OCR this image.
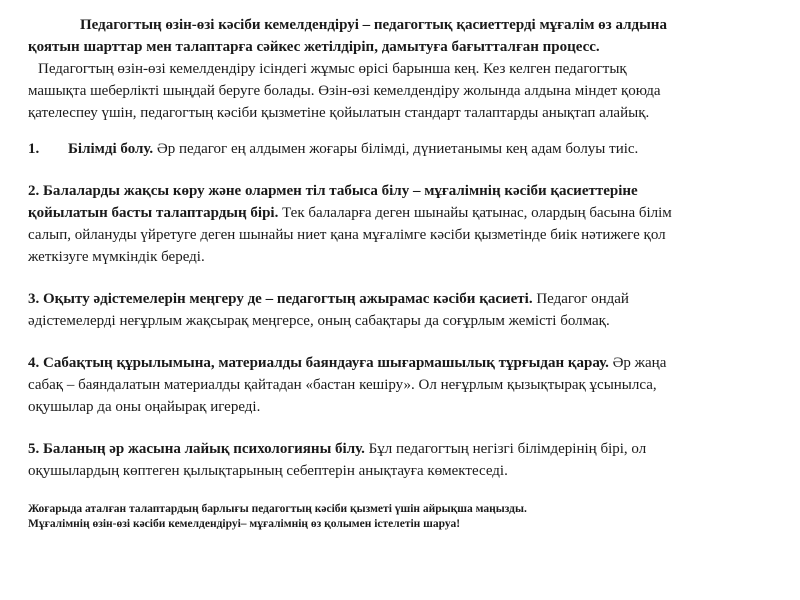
Педагогтың өзін-өзі кәсіби кемелдендіруі – педагогтық қасиеттерді мұғалім өз алдына
қоятын шарттар мен талаптарға сәйкес жетілдіріп, дамытуға бағытталған процесс.
Педагогтың өзін-өзі кемелдендіру ісіндегі жұмыс өрісі барынша кең. Кез келген педагогтық
машықта шеберлікті шыңдай беруге болады. Өзін-өзі кемелдендіру жолында алдына міндет қоюда
қателеспеу үшін, педагогтың кәсіби қызметіне қойылатын стандарт талаптарды анықтап алайық.
1. Білімді болу. Әр педагог ең алдымен жоғары білімді, дүниетанымы кең адам болуы тиіс.
2. Балаларды жақсы көру және олармен тіл табыса білу – мұғалімнің кәсіби қасиеттеріне
қойылатын басты талаптардың бірі. Тек балаларға деген шынайы қатынас, олардың басына білім
салып, ойлануды үйретуге деген шынайы ниет қана мұғалімге кәсіби қызметінде биік нәтижеге қол
жеткізуге мүмкіндік береді.
3. Оқыту әдістемелерін меңгеру де – педагогтың ажырамас кәсіби қасиеті. Педагог ондай
әдістемелерді неғұрлым жақсырақ меңгерсе, оның сабақтары да соғұрлым жемісті болмақ.
4. Сабақтың құрылымына, материалды баяндауға шығармашылық тұрғыдан қарау. Әр жаңа
сабақ – баяндалатын материалды қайтадан «бастан кешіру». Ол неғұрлым қызықтырақ ұсынылса,
оқушылар да оны оңайырақ игереді.
5. Баланың әр жасына лайық психологияны білу. Бұл педагогтың негізгі білімдерінің бірі, ол
оқушылардың көптеген қылықтарының себептерін анықтауға көмектеседі.
Жоғарыда аталған талаптардың барлығы педагогтың кәсіби қызметі үшін айрықша маңызды.
Мұғалімнің өзін-өзі кәсіби кемелдендіруі– мұғалімнің өз қолымен істелетін шаруа!
